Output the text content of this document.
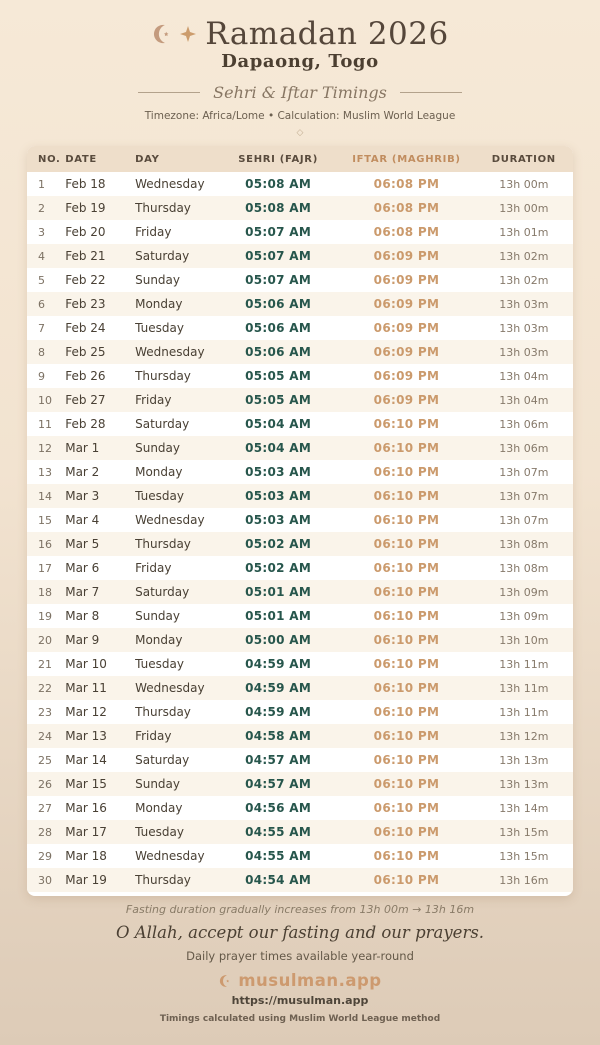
Ramadan 2026
Dapaong, Togo
Sehri & Iftar Timings
Timezone: Africa/Lome • Calculation: Muslim World League
◇
NO.	DATE	DAY	SEHRI (FAJR)	IFTAR (MAGHRIB)	DURATION
1	Feb 18	Wednesday	05:08 AM	06:08 PM	13h 00m
2	Feb 19	Thursday	05:08 AM	06:08 PM	13h 00m
3	Feb 20	Friday	05:07 AM	06:08 PM	13h 01m
4	Feb 21	Saturday	05:07 AM	06:09 PM	13h 02m
5	Feb 22	Sunday	05:07 AM	06:09 PM	13h 02m
6	Feb 23	Monday	05:06 AM	06:09 PM	13h 03m
7	Feb 24	Tuesday	05:06 AM	06:09 PM	13h 03m
8	Feb 25	Wednesday	05:06 AM	06:09 PM	13h 03m
9	Feb 26	Thursday	05:05 AM	06:09 PM	13h 04m
10	Feb 27	Friday	05:05 AM	06:09 PM	13h 04m
11	Feb 28	Saturday	05:04 AM	06:10 PM	13h 06m
12	Mar 1	Sunday	05:04 AM	06:10 PM	13h 06m
13	Mar 2	Monday	05:03 AM	06:10 PM	13h 07m
14	Mar 3	Tuesday	05:03 AM	06:10 PM	13h 07m
15	Mar 4	Wednesday	05:03 AM	06:10 PM	13h 07m
16	Mar 5	Thursday	05:02 AM	06:10 PM	13h 08m
17	Mar 6	Friday	05:02 AM	06:10 PM	13h 08m
18	Mar 7	Saturday	05:01 AM	06:10 PM	13h 09m
19	Mar 8	Sunday	05:01 AM	06:10 PM	13h 09m
20	Mar 9	Monday	05:00 AM	06:10 PM	13h 10m
21	Mar 10	Tuesday	04:59 AM	06:10 PM	13h 11m
22	Mar 11	Wednesday	04:59 AM	06:10 PM	13h 11m
23	Mar 12	Thursday	04:59 AM	06:10 PM	13h 11m
24	Mar 13	Friday	04:58 AM	06:10 PM	13h 12m
25	Mar 14	Saturday	04:57 AM	06:10 PM	13h 13m
26	Mar 15	Sunday	04:57 AM	06:10 PM	13h 13m
27	Mar 16	Monday	04:56 AM	06:10 PM	13h 14m
28	Mar 17	Tuesday	04:55 AM	06:10 PM	13h 15m
29	Mar 18	Wednesday	04:55 AM	06:10 PM	13h 15m
30	Mar 19	Thursday	04:54 AM	06:10 PM	13h 16m
Fasting duration gradually increases from 13h 00m → 13h 16m
O Allah, accept our fasting and our prayers.
Daily prayer times available year-round
musulman.app
https://musulman.app
Timings calculated using Muslim World League method
